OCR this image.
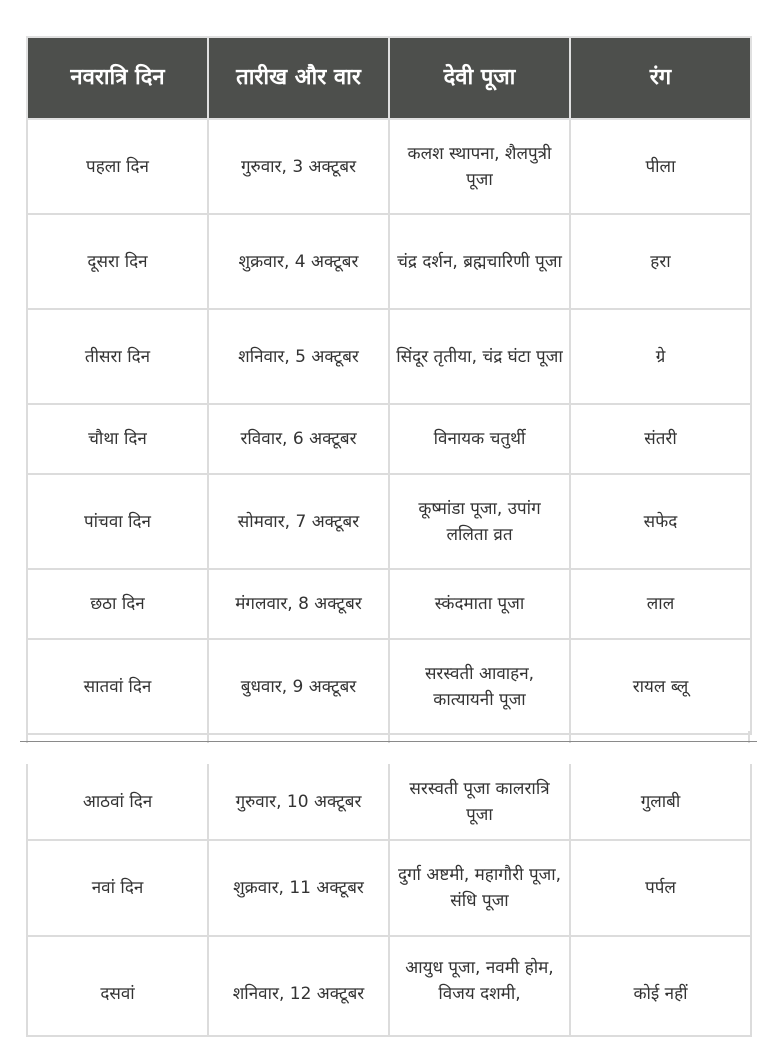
नवरात्रि दिन	तारीख और वार	देवी पूजा	रंग
पहला दिन	गुरुवार, 3 अक्टूबर	कलश स्थापना, शैलपुत्री पूजा	पीला
दूसरा दिन	शुक्रवार, 4 अक्टूबर	चंद्र दर्शन, ब्रह्मचारिणी पूजा	हरा
तीसरा दिन	शनिवार, 5 अक्टूबर	सिंदूर तृतीया, चंद्र घंटा पूजा	ग्रे
चौथा दिन	रविवार, 6 अक्टूबर	विनायक चतुर्थी	संतरी
पांचवा दिन	सोमवार, 7 अक्टूबर	कूष्मांडा पूजा, उपांग ललिता व्रत	सफेद
छठा दिन	मंगलवार, 8 अक्टूबर	स्कंदमाता पूजा	लाल
सातवां दिन	बुधवार, 9 अक्टूबर	सरस्वती आवाहन, कात्यायनी पूजा	रायल ब्लू
आठवां दिन	गुरुवार, 10 अक्टूबर	सरस्वती पूजा कालरात्रि पूजा	गुलाबी
नवां दिन	शुक्रवार, 11 अक्टूबर	दुर्गा अष्टमी, महागौरी पूजा, संधि पूजा	पर्पल
दसवां	शनिवार, 12 अक्टूबर	आयुध पूजा, नवमी होम, विजय दशमी,	कोई नहीं
